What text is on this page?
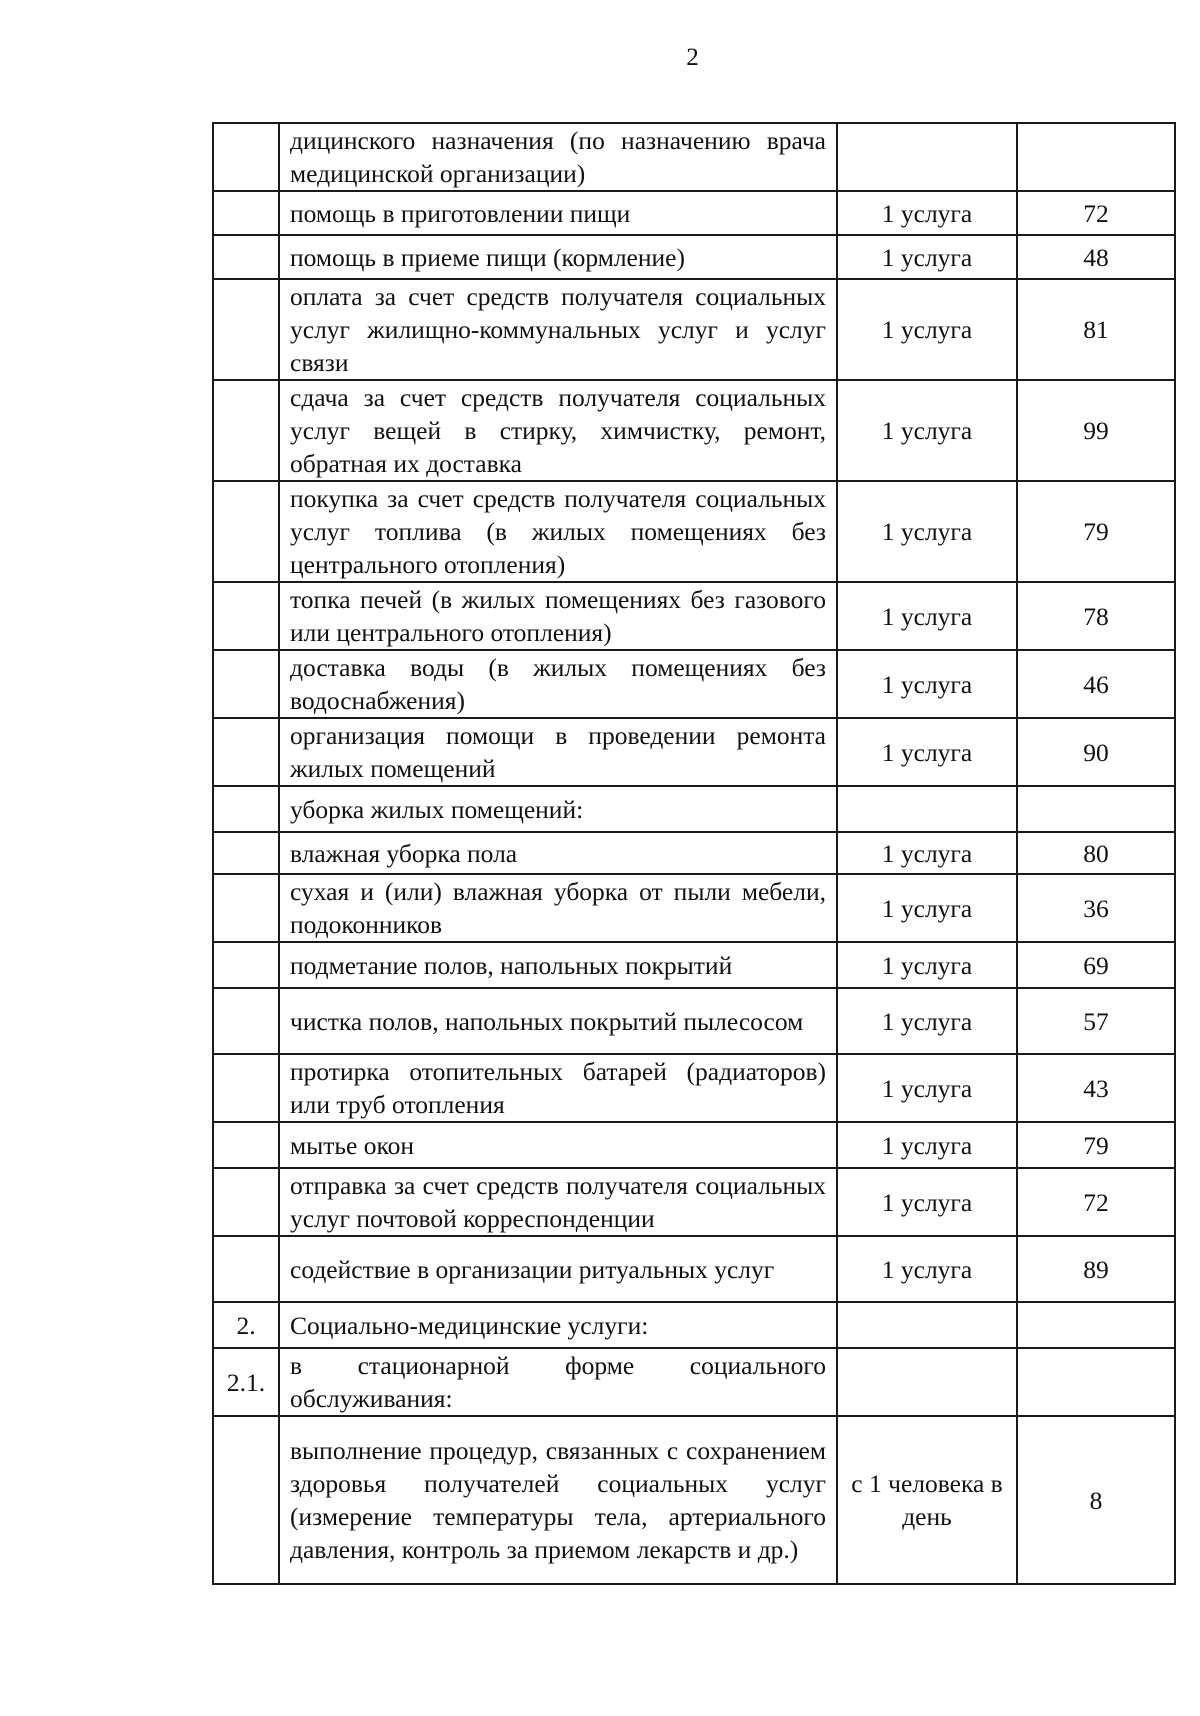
2
	дицинского назначения (по назначению врача медицинской организации)		
	помощь в приготовлении пищи	1 услуга	72
	помощь в приеме пищи (кормление)	1 услуга	48
	оплата за счет средств получателя социальных услуг жилищно-коммунальных услуг и услуг связи	1 услуга	81
	сдача за счет средств получателя социальных услуг вещей в стирку, химчистку, ремонт, обратная их доставка	1 услуга	99
	покупка за счет средств получателя социальных услуг топлива (в жилых помещениях без центрального отопления)	1 услуга	79
	топка печей (в жилых помещениях без газового или центрального отопления)	1 услуга	78
	доставка воды (в жилых помещениях без водоснабжения)	1 услуга	46
	организация помощи в проведении ремонта жилых помещений	1 услуга	90
	уборка жилых помещений:		
	влажная уборка пола	1 услуга	80
	сухая и (или) влажная уборка от пыли мебели, подоконников	1 услуга	36
	подметание полов, напольных покрытий	1 услуга	69
	чистка полов, напольных покрытий пылесосом	1 услуга	57
	протирка отопительных батарей (радиаторов) или труб отопления	1 услуга	43
	мытье окон	1 услуга	79
	отправка за счет средств получателя социальных услуг почтовой корреспонденции	1 услуга	72
	содействие в организации ритуальных услуг	1 услуга	89
2.	Социально-медицинские услуги:		
2.1.	в стационарной форме социального обслуживания:		
	выполнение процедур, связанных с сохранением здоровья получателей социальных услуг (измерение температуры тела, артериального давления, контроль за приемом лекарств и др.)	с 1 человека в день	8
